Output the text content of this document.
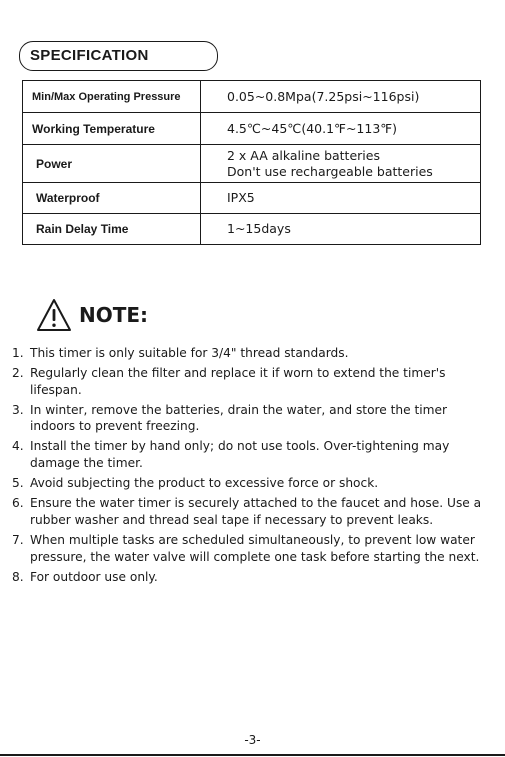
SPECIFICATION
Min/Max Operating Pressure	0.05~0.8Mpa(7.25psi~116psi)
Working Temperature	4.5℃~45℃(40.1℉~113℉)
Power	2 x AA alkaline batteries
Don't use rechargeable batteries

Waterproof	IPX5
Rain Delay Time	1~15days
NOTE:
1. This timer is only suitable for 3/4" thread standards.
2. Regularly clean the filter and replace it if worn to extend the timer's lifespan.
3. In winter, remove the batteries, drain the water, and store the timer indoors to prevent freezing.
4. Install the timer by hand only; do not use tools. Over-tightening may damage the timer.
5. Avoid subjecting the product to excessive force or shock.
6. Ensure the water timer is securely attached to the faucet and hose. Use a rubber washer and thread seal tape if necessary to prevent leaks.
7. When multiple tasks are scheduled simultaneously, to prevent low water pressure, the water valve will complete one task before starting the next.
8. For outdoor use only.
-3-
